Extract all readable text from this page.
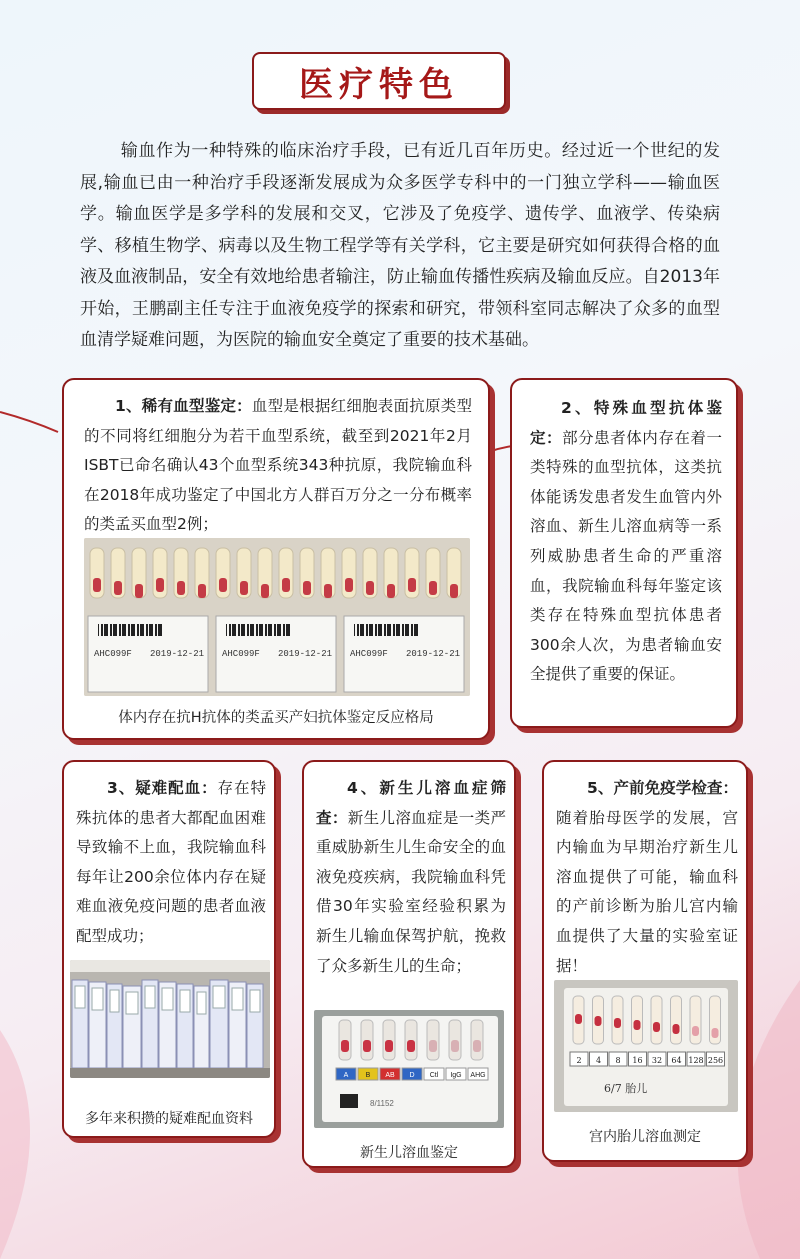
医疗特色
输血作为一种特殊的临床治疗手段，已有近几百年历史。经过近一个世纪的发展,输血已由一种治疗手段逐渐发展成为众多医学专科中的一门独立学科——输血医学。输血医学是多学科的发展和交叉，它涉及了免疫学、遗传学、血液学、传染病学、移植生物学、病毒以及生物工程学等有关学科，它主要是研究如何获得合格的血液及血液制品，安全有效地给患者输注，防止输血传播性疾病及输血反应。自2013年开始，王鹏副主任专注于血液免疫学的探索和研究，带领科室同志解决了众多的血型血清学疑难问题，为医院的输血安全奠定了重要的技术基础。
1、稀有血型鉴定：血型是根据红细胞表面抗原类型的不同将红细胞分为若干血型系统，截至到2021年2月ISBT已命名确认43个血型系统343种抗原，我院输血科在2018年成功鉴定了中国北方人群百万分之一分布概率的类孟买血型2例；
AHC099F 2019-12-21 AHC099F 2019-12-21 AHC099F 2019-12-21
体内存在抗H抗体的类孟买产妇抗体鉴定反应格局
2、特殊血型抗体鉴定：部分患者体内存在着一类特殊的血型抗体，这类抗体能诱发患者发生血管内外溶血、新生儿溶血病等一系列威胁患者生命的严重溶血，我院输血科每年鉴定该类存在特殊血型抗体患者300余人次，为患者输血安全提供了重要的保证。
3、疑难配血：存在特殊抗体的患者大都配血困难导致输不上血，我院输血科每年让200余位体内存在疑难血液免疫问题的患者血液配型成功；
多年来积攒的疑难配血资料
4、新生儿溶血症筛查：新生儿溶血症是一类严重威胁新生儿生命安全的血液免疫疾病，我院输血科凭借30年实验室经验积累为新生儿输血保驾护航，挽救了众多新生儿的生命；
A B AB D Ctl IgG AHG
8/1152
新生儿溶血鉴定
5、产前免疫学检查：随着胎母医学的发展，宫内输血为早期治疗新生儿溶血提供了可能，输血科的产前诊断为胎儿宫内输血提供了大量的实验室证据！
2 4 8 16 32 64 128 256
6/7 胎儿
宫内胎儿溶血测定
